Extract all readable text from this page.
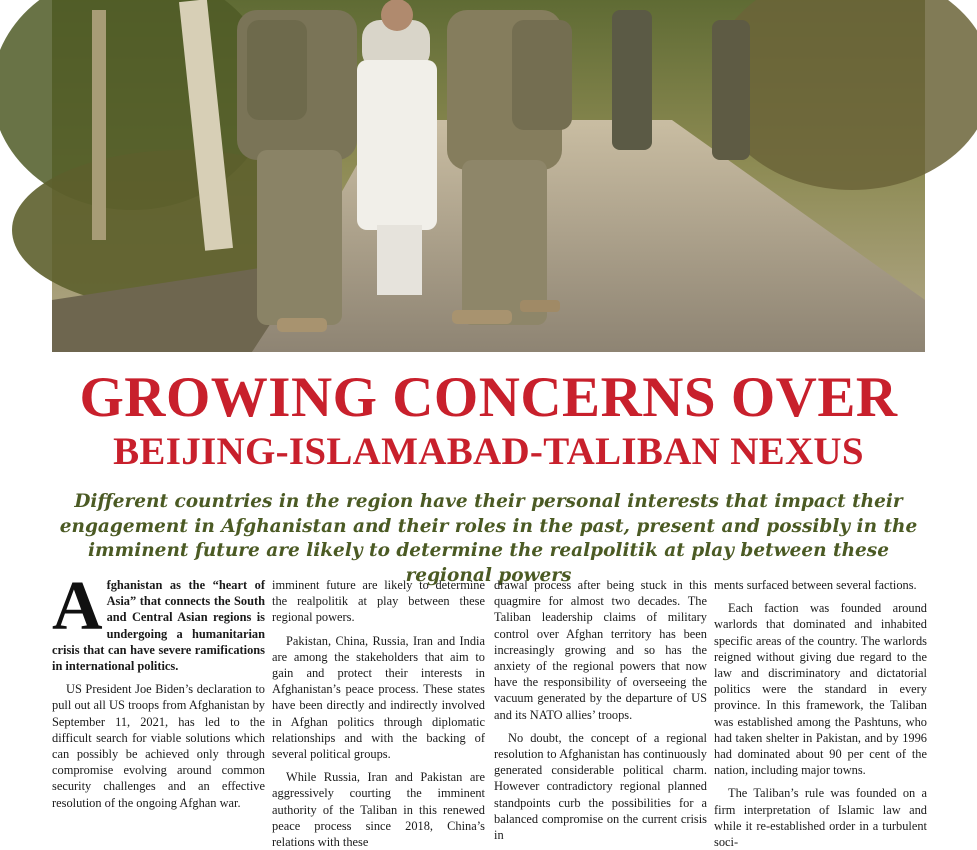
GROWING CONCERNS OVER
BEIJING-ISLAMABAD-TALIBAN NEXUS

Different countries in the region have their personal interests that impact their engagement in Afghanistan and their roles in the past, present and possibly in the imminent future are likely to determine the realpolitik at play between these regional powers

Afghanistan as the “heart of Asia” that connects the South and Central Asian regions is undergoing a humanitarian crisis that can have severe ramifications in international politics.

US President Joe Biden’s declaration to pull out all US troops from Afghanistan by September 11, 2021, has led to the difficult search for viable solutions which can possibly be achieved only through compromise evolving around common security challenges and an effective resolution of the ongoing Afghan war.

imminent future are likely to determine the realpolitik at play between these regional powers.

Pakistan, China, Russia, Iran and India are among the stakeholders that aim to gain and protect their interests in Afghanistan’s peace process. These states have been directly and indirectly involved in Afghan politics through diplomatic relationships and with the backing of several political groups.

While Russia, Iran and Pakistan are aggressively courting the imminent authority of the Taliban in this renewed peace process since 2018, China’s relations with these

drawal process after being stuck in this quagmire for almost two decades. The Taliban leadership claims of military control over Afghan territory has been increasingly growing and so has the anxiety of the regional powers that now have the responsibility of overseeing the vacuum generated by the departure of US and its NATO allies’ troops.

No doubt, the concept of a regional resolution to Afghanistan has continuously generated considerable political charm. However contradictory regional planned standpoints curb the possibilities for a balanced compromise on the current crisis in

ments surfaced between several factions.

Each faction was founded around warlords that dominated and inhabited specific areas of the country. The warlords reigned without giving due regard to the law and discriminatory and dictatorial politics were the standard in every province. In this framework, the Taliban was established among the Pashtuns, who had taken shelter in Pakistan, and by 1996 had dominated about 90 per cent of the nation, including major towns.

The Taliban’s rule was founded on a firm interpretation of Islamic law and while it re-established order in a turbulent soci-
